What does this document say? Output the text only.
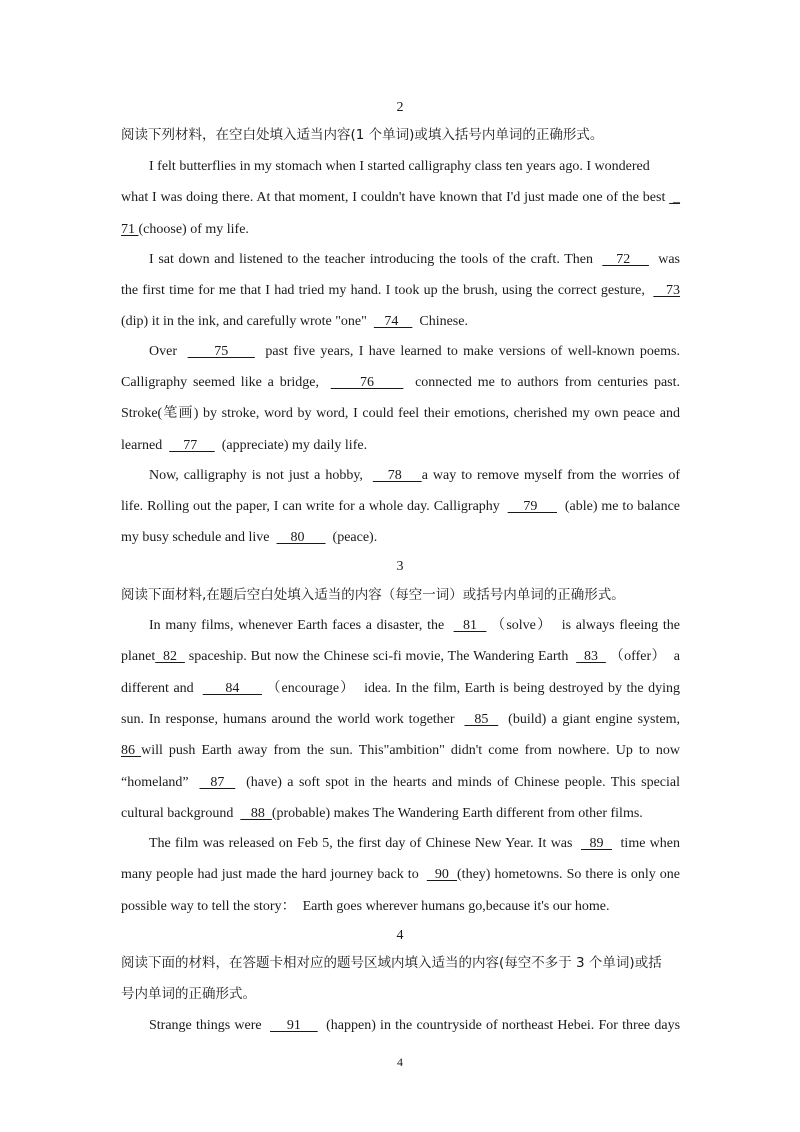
2
阅读下列材料，在空白处填入适当内容(1 个单词)或填入括号内单词的正确形式。
I felt butterflies in my stomach when I started calligraphy class ten years ago. I wondered
what I was doing there. At that moment, I couldn't have known that I'd just made one of the best  _
71 (choose) of my life.
I sat down and listened to the teacher introducing the tools of the craft. Then     72      was
the first time for me that I had tried my hand. I took up the brush, using the correct gesture,     73
(dip) it in the ink, and carefully wrote "one"     74      Chinese.
Over       75       past five years, I have learned to make versions of well-known poems.
Calligraphy seemed like a bridge,       76       connected me to authors from centuries past.
Stroke(笔画) by stroke, word by word, I could feel their emotions, cherished my own peace and
learned      77       (appreciate) my daily life.
Now, calligraphy is not just a hobby,     78    a way to remove myself from the worries of
life. Rolling out the paper, I can write for a whole day. Calligraphy      79       (able) me to balance
my busy schedule and live      80        (peace).
3
阅读下面材料,在题后空白处填入适当的内容（每空一词）或括号内单词的正确形式。
In many films, whenever Earth faces a disaster, the    81   （solve）  is always fleeing the
planet  82   spaceship. But now the Chinese sci-fi movie, The Wandering Earth    83   （offer）  a
different and       84      （encourage）  idea. In the film, Earth is being destroyed by the dying
sun. In response, humans around the world work together    85    (build) a giant engine system,
86 will push Earth away from the sun. This"ambition" didn't come from nowhere. Up to now
“homeland”    87    (have) a soft spot in the hearts and minds of Chinese people. This special
cultural background     88  (probable) makes The Wandering Earth different from other films.
The film was released on Feb 5, the first day of Chinese New Year. It was    89    time when
many people had just made the hard journey back to    90  (they) hometowns. So there is only one
possible way to tell the story：  Earth goes wherever humans go,because it's our home.
4
阅读下面的材料，在答题卡相对应的题号区域内填入适当的内容(每空不多于 3 个单词)或括
号内单词的正确形式。
Strange things were      91      (happen) in the countryside of northeast Hebei. For three days
4
